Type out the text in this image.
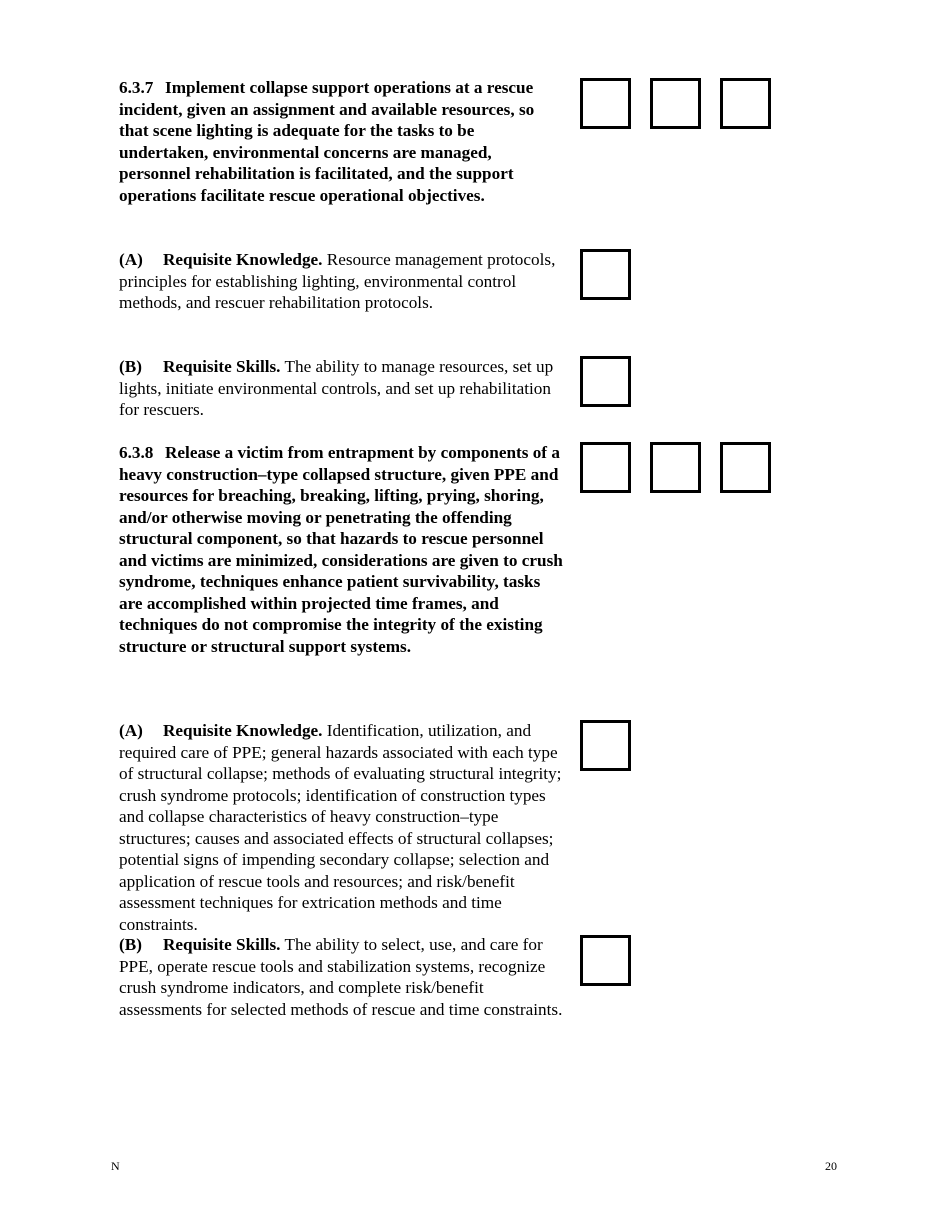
6.3.7 Implement collapse support operations at a rescue incident, given an assignment and available resources, so that scene lighting is adequate for the tasks to be undertaken, environmental concerns are managed, personnel rehabilitation is facilitated, and the support operations facilitate rescue operational objectives.
(A) Requisite Knowledge. Resource management protocols, principles for establishing lighting, environmental control methods, and rescuer rehabilitation protocols.
(B) Requisite Skills. The ability to manage resources, set up lights, initiate environmental controls, and set up rehabilitation for rescuers.
6.3.8 Release a victim from entrapment by components of a heavy construction–type collapsed structure, given PPE and resources for breaching, breaking, lifting, prying, shoring, and/or otherwise moving or penetrating the offending structural component, so that hazards to rescue personnel and victims are minimized, considerations are given to crush syndrome, techniques enhance patient survivability, tasks are accomplished within projected time frames, and techniques do not compromise the integrity of the existing structure or structural support systems.
(A) Requisite Knowledge. Identification, utilization, and required care of PPE; general hazards associated with each type of structural collapse; methods of evaluating structural integrity; crush syndrome protocols; identification of construction types and collapse characteristics of heavy construction–type structures; causes and associated effects of structural collapses; potential signs of impending secondary collapse; selection and application of rescue tools and resources; and risk/benefit assessment techniques for extrication methods and time constraints.
(B) Requisite Skills. The ability to select, use, and care for PPE, operate rescue tools and stabilization systems, recognize crush syndrome indicators, and complete risk/benefit assessments for selected methods of rescue and time constraints.
N	20
